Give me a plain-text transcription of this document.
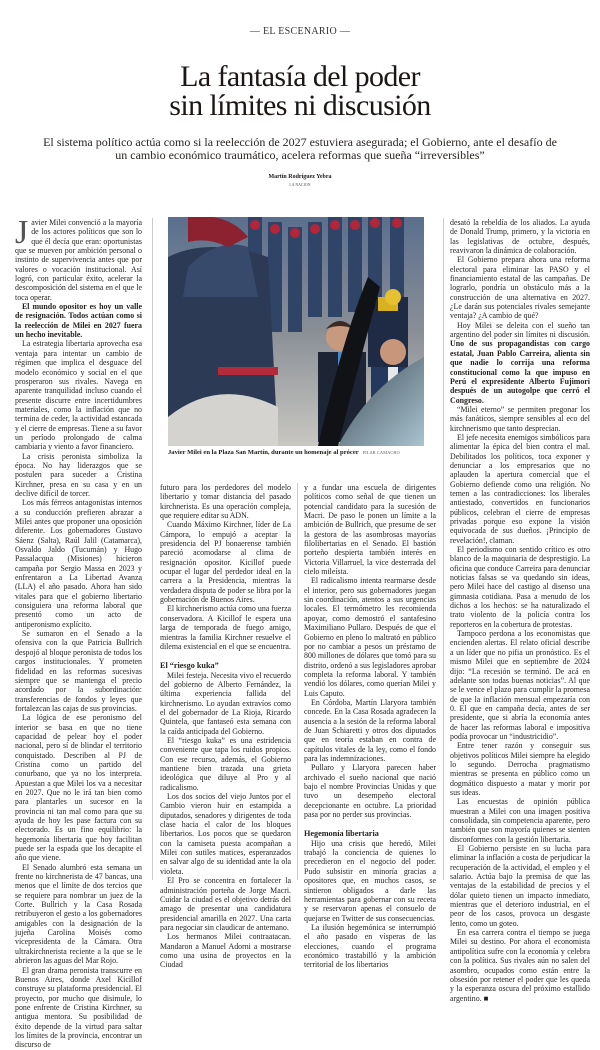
— EL ESCENARIO —
La fantasía del poder
sin límites ni discusión
El sistema político actúa como si la reelección de 2027 estuviera asegurada; el Gobierno, ante el desafío de un cambio económico traumático, acelera reformas que sueña “irreversibles”
Martín Rodríguez Yebra
LA NACION
Javier Milei en la Plaza San Martín, durante un homenaje al prócer PILAR CAMACHO

Javier Milei convenció a la mayoría de los actores políticos que son lo que él decía que eran: oportunistas que se mueven por ambición personal o instinto de supervivencia antes que por valores o vocación institucional. Así logró, con particular éxito, acelerar la descomposición del sistema en el que le toca operar.

El mundo opositor es hoy un valle de resignación. Todos actúan como si la reelección de Milei en 2027 fuera un hecho inevitable.

La estrategia libertaria aprovecha esa ventaja para intentar un cambio de régimen que implica el desguace del modelo económico y social en el que prosperaron sus rivales. Navega en aparente tranquilidad incluso cuando el presente discurre entre incertidumbres materiales, como la inflación que no termina de ceder, la actividad estancada y el cierre de empresas. Tiene a su favor un período prolongado de calma cambiaria y viento a favor financiero.

La crisis peronista simboliza la época. No hay liderazgos que se postulen para suceder a Cristina Kirchner, presa en su casa y en un declive difícil de torcer.

Los más férreos antagonistas internos a su conducción prefieren abrazar a Milei antes que proponer una oposición diferente. Los gobernadores Gustavo Sáenz (Salta), Raúl Jalil (Catamarca), Osvaldo Jaldo (Tucumán) y Hugo Passalacqua (Misiones) hicieron campaña por Sergio Massa en 2023 y enfrentaron a La Libertad Avanza (LLA) el año pasado. Ahora han sido vitales para que el gobierno libertario consiguiera una reforma laboral que presentó como un acto de antiperonismo explícito.

Se sumaron en el Senado a la ofensiva con la que Patricia Bullrich despojó al bloque peronista de todos los cargos institucionales. Y prometen fidelidad en las reformas sucesivas siempre que se mantenga el precio acordado por la subordinación: transferencias de fondos y leyes que fortalezcan las cajas de sus provincias.

La lógica de ese peronismo del interior se basa en que no tiene capacidad de pelear hoy el poder nacional, pero sí de blindar el territorio conquistado. Describen al PJ de Cristina como un partido del conurbano, que ya no los interpreta. Apuestan a que Milei los va a necesitar en 2027. Que no le irá tan bien como para plantarles un sucesor en la provincia ni tan mal como para que su ayuda de hoy les pase factura con su electorado. Es un fino equilibrio: la hegemonía libertaria que hoy facilitan puede ser la espada que los decapite el año que viene.

El Senado alumbró esta semana un frente no kirchnerista de 47 bancas, una menos que el límite de dos tercios que se requiere para nombrar un juez de la Corte. Bullrich y la Casa Rosada retribuyeron el gesto a los gobernadores amigables con la designación de la jujeña Carolina Moisés como vicepresidenta de la Cámara. Otra ultrakirchnerista reciente a la que se le abrieron las aguas del Mar Rojo.

El gran drama peronista transcurre en Buenos Aires, donde Axel Kicillof construye su plataforma presidencial. El proyecto, por mucho que disimule, lo pone enfrente de Cristina Kirchner, su antigua mentora. Su posibilidad de éxito depende de la virtud para saltar los límites de la provincia, encontrar un discurso de

futuro para los perdedores del modelo libertario y tomar distancia del pasado kirchnerista. Es una operación compleja, que requiere editar su ADN.

Cuando Máximo Kirchner, líder de La Cámpora, lo empujó a aceptar la presidencia del PJ bonaerense también pareció acomodarse al clima de resignación opositor. Kicillof puede ocupar el lugar del perdedor ideal en la carrera a la Presidencia, mientras la verdadera disputa de poder se libra por la gobernación de Buenos Aires.

El kirchnerismo actúa como una fuerza conservadora. A Kicillof le espera una larga de temporada de fuego amigo, mientras la familia Kirchner resuelve el dilema existencial en el que se encuentra.

El “riesgo kuka”

Milei festeja. Necesita vivo el recuerdo del gobierno de Alberto Fernández, la última experiencia fallida del kirchnerismo. Lo ayudan extravíos como el del gobernador de La Rioja, Ricardo Quintela, que fantaseó esta semana con la caída anticipada del Gobierno.

El “riesgo kuka” es una estridencia conveniente que tapa los ruidos propios. Con ese recurso, además, el Gobierno mantiene bien trazada una grieta ideológica que diluye al Pro y al radicalismo.

Los dos socios del viejo Juntos por el Cambio vieron huir en estampida a diputados, senadores y dirigentes de toda clase hacia el calor de los bloques libertarios. Los pocos que se quedaron con la camiseta puesta acompañan a Milei con sutiles matices, esperanzados en salvar algo de su identidad ante la ola violeta.

El Pro se concentra en fortalecer la administración porteña de Jorge Macri. Cuidar la ciudad es el objetivo detrás del amago de presentar una candidatura presidencial amarilla en 2027. Una carta para negociar sin claudicar de antemano.

Los hermanos Milei contraatacan. Mandaron a Manuel Adorni a mostrarse como una usina de proyectos en la Ciudad

y a fundar una escuela de dirigentes políticos como señal de que tienen un potencial candidato para la sucesión de Macri. De paso le ponen un límite a la ambición de Bullrich, que presume de ser la gestora de las asombrosas mayorías filolibertarias en el Senado. El bastión porteño despierta también interés en Victoria Villarruel, la vice desterrada del cielo mileísta.

El radicalismo intenta rearmarse desde el interior, pero sus gobernadores juegan sin coordinación, atentos a sus urgencias locales. El termómetro les recomienda apoyar, como demostró el santafesino Maximiliano Pullaro. Después de que el Gobierno en pleno lo maltrató en público por no cambiar a pesos un préstamo de 800 millones de dólares que tomó para su distrito, ordenó a sus legisladores aprobar completa la reforma laboral. Y también vendió los dólares, como querían Milei y Luis Caputo.

En Córdoba, Martín Llaryora también concede. En la Casa Rosada agradecen la ausencia a la sesión de la reforma laboral de Juan Schiaretti y otros dos diputados que en teoría estaban en contra de capítulos vitales de la ley, como el fondo para las indemnizaciones.

Pullaro y Llaryora parecen haber archivado el sueño nacional que nació bajo el nombre Provincias Unidas y que tuvo un desempeño electoral decepcionante en octubre. La prioridad pasa por no perder sus provincias.

Hegemonía libertaria

Hijo una crisis que heredó, Milei trabajó la conciencia de quienes lo precedieron en el negocio del poder. Pudo subsistir en minoría gracias a opositores que, en muchos casos, se sintieron obligados a darle las herramientas para gobernar con su receta y se reservaron apenas el consuelo de quejarse en Twitter de sus consecuencias.

La ilusión hegemónica se interrumpió el año pasado en vísperas de las elecciones, cuando el programa económico trastabilló y la ambición territorial de los libertarios

desató la rebeldía de los aliados. La ayuda de Donald Trump, primero, y la victoria en las legislativas de octubre, después, reavivaron la dinámica de colaboración.

El Gobierno prepara ahora una reforma electoral para eliminar las PASO y el financiamiento estatal de las campañas. De lograrlo, pondría un obstáculo más a la construcción de una alternativa en 2027. ¿Le darán sus potenciales rivales semejante ventaja? ¿A cambio de qué?

Hoy Milei se deleita con el sueño tan argentino del poder sin límites ni discusión. Uno de sus propagandistas con cargo estatal, Juan Pablo Carreira, alienta sin que nadie lo corrija una reforma constitucional como la que impuso en Perú el expresidente Alberto Fujimori después de un autogolpe que cerró el Congreso.

“Milei eterno” se permiten pregonar los más fanáticos, siempre sensibles al eco del kirchnerismo que tanto desprecian.

El jefe necesita enemigos simbólicos para alimentar la épica del bien contra el mal. Debilitados los políticos, toca exponer y denunciar a los empresarios que no aplauden la apertura comercial que el Gobierno defiende como una religión. No temen a las contradicciones: los liberales antiestado, convertidos en funcionarios públicos, celebran el cierre de empresas privadas porque eso expone la visión equivocada de sus dueños. ¡Principio de revelación!, claman.

El periodismo con sentido crítico es otro blanco de la maquinaria de desprestigio. La oficina que conduce Carreira para denunciar noticias falsas se va quedando sin ideas, pero Milei hace del castigo al disenso una gimnasia cotidiana. Pasa a menudo de los dichos a los hechos: se ha naturalizado el trato violento de la policía contra los reporteros en la cobertura de protestas.

Tampoco perdona a los economistas que encienden alertas. El relato oficial describe a un líder que no pifia un pronóstico. Es el mismo Milei que en septiembre de 2024 dijo: “La recesión se terminó. De acá en adelante son todas buenas noticias”. Al que se le vence el plazo para cumplir la promesa de que la inflación mensual empezaría con 0. El que en campaña decía, antes de ser presidente, que si abría la economía antes de hacer las reformas laboral e impositiva podía provocar un “industricidio”.

Entre tener razón y conseguir sus objetivos políticos Milei siempre ha elegido lo segundo. Derrocha pragmatismo mientras se presenta en público como un dogmático dispuesto a matar y morir por sus ideas.

Las encuestas de opinión pública muestran a Milei con una imagen positiva consolidada, sin competencia aparente, pero también que son mayoría quienes se sienten disconformes con la gestión libertaria.

El Gobierno persiste en su lucha para eliminar la inflación a costa de perjudicar la recuperación de la actividad, el empleo y el salario. Actúa bajo la premisa de que las ventajas de la estabilidad de precios y el dólar quieto tienen un impacto inmediato, mientras que el deterioro industrial, en el peor de los casos, provoca un desgaste lento, como un goteo.

En esa carrera contra el tiempo se juega Milei su destino. Por ahora el economista antipolítica sufre con la economía y celebra con la política. Sus rivales aún no salen del asombro, ocupados como están entre la obsesión por retener el poder que les queda y la esperanza oscura del próximo estallido argentino. ■
